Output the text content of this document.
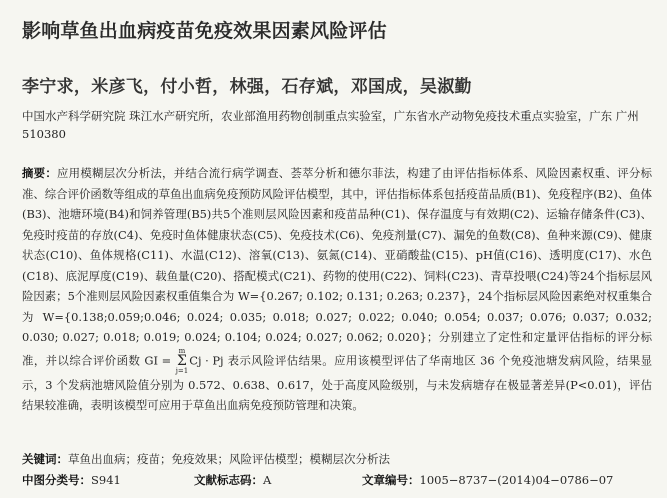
影响草鱼出血病疫苗免疫效果因素风险评估
李宁求，米彦飞，付小哲，林强，石存斌，邓国成，吴淑勤
中国水产科学研究院 珠江水产研究所，农业部渔用药物创制重点实验室，广东省水产动物免疫技术重点实验室，广东 广州 510380
摘要：应用模糊层次分析法，并结合流行病学调查、荟萃分析和德尔菲法，构建了由评估指标体系、风险因素权重、评分标准、综合评价函数等组成的草鱼出血病免疫预防风险评估模型，其中，评估指标体系包括疫苗品质(B1)、免疫程序(B2)、鱼体(B3)、池塘环境(B4)和饲养管理(B5)共5个准则层风险因素和疫苗品种(C1)、保存温度与有效期(C2)、运输存储条件(C3)、免疫时疫苗的存放(C4)、免疫时鱼体健康状态(C5)、免疫技术(C6)、免疫剂量(C7)、漏免的鱼数(C8)、鱼种来源(C9)、健康状态(C10)、鱼体规格(C11)、水温(C12)、溶氧(C13)、氨氮(C14)、亚硝酸盐(C15)、pH值(C16)、透明度(C17)、水色(C18)、底泥厚度(C19)、载鱼量(C20)、搭配模式(C21)、药物的使用(C22)、饲料(C23)、青草投喂(C24)等24个指标层风险因素；5个准则层风险因素权重值集合为 W={0.267; 0.102; 0.131; 0.263; 0.237}，24个指标层风险因素绝对权重集合为 W={0.138;0.059;0.046; 0.024; 0.035; 0.018; 0.027; 0.022; 0.040; 0.054; 0.037; 0.076; 0.037; 0.032; 0.030; 0.027; 0.018; 0.019; 0.024; 0.104; 0.024; 0.027; 0.062; 0.020}；分别建立了定性和定量评估指标的评分标准，并以综合评价函数 GI =
m
Σ
j=1
Cj · Pj 表示风险评估结果。应用该模型评估了华南地区 36 个免疫池塘发病风险，结果显示，3 个发病池塘风险值分别为 0.572、0.638、0.617，处于高度风险级别，与未发病塘存在极显著差异(P<0.01)，评估结果较准确，表明该模型可应用于草鱼出血病免疫预防管理和决策。
关键词：草鱼出血病；疫苗；免疫效果；风险评估模型；模糊层次分析法
中图分类号：S941	文献标志码：A	文章编号：1005−8737−(2014)04−0786−07
